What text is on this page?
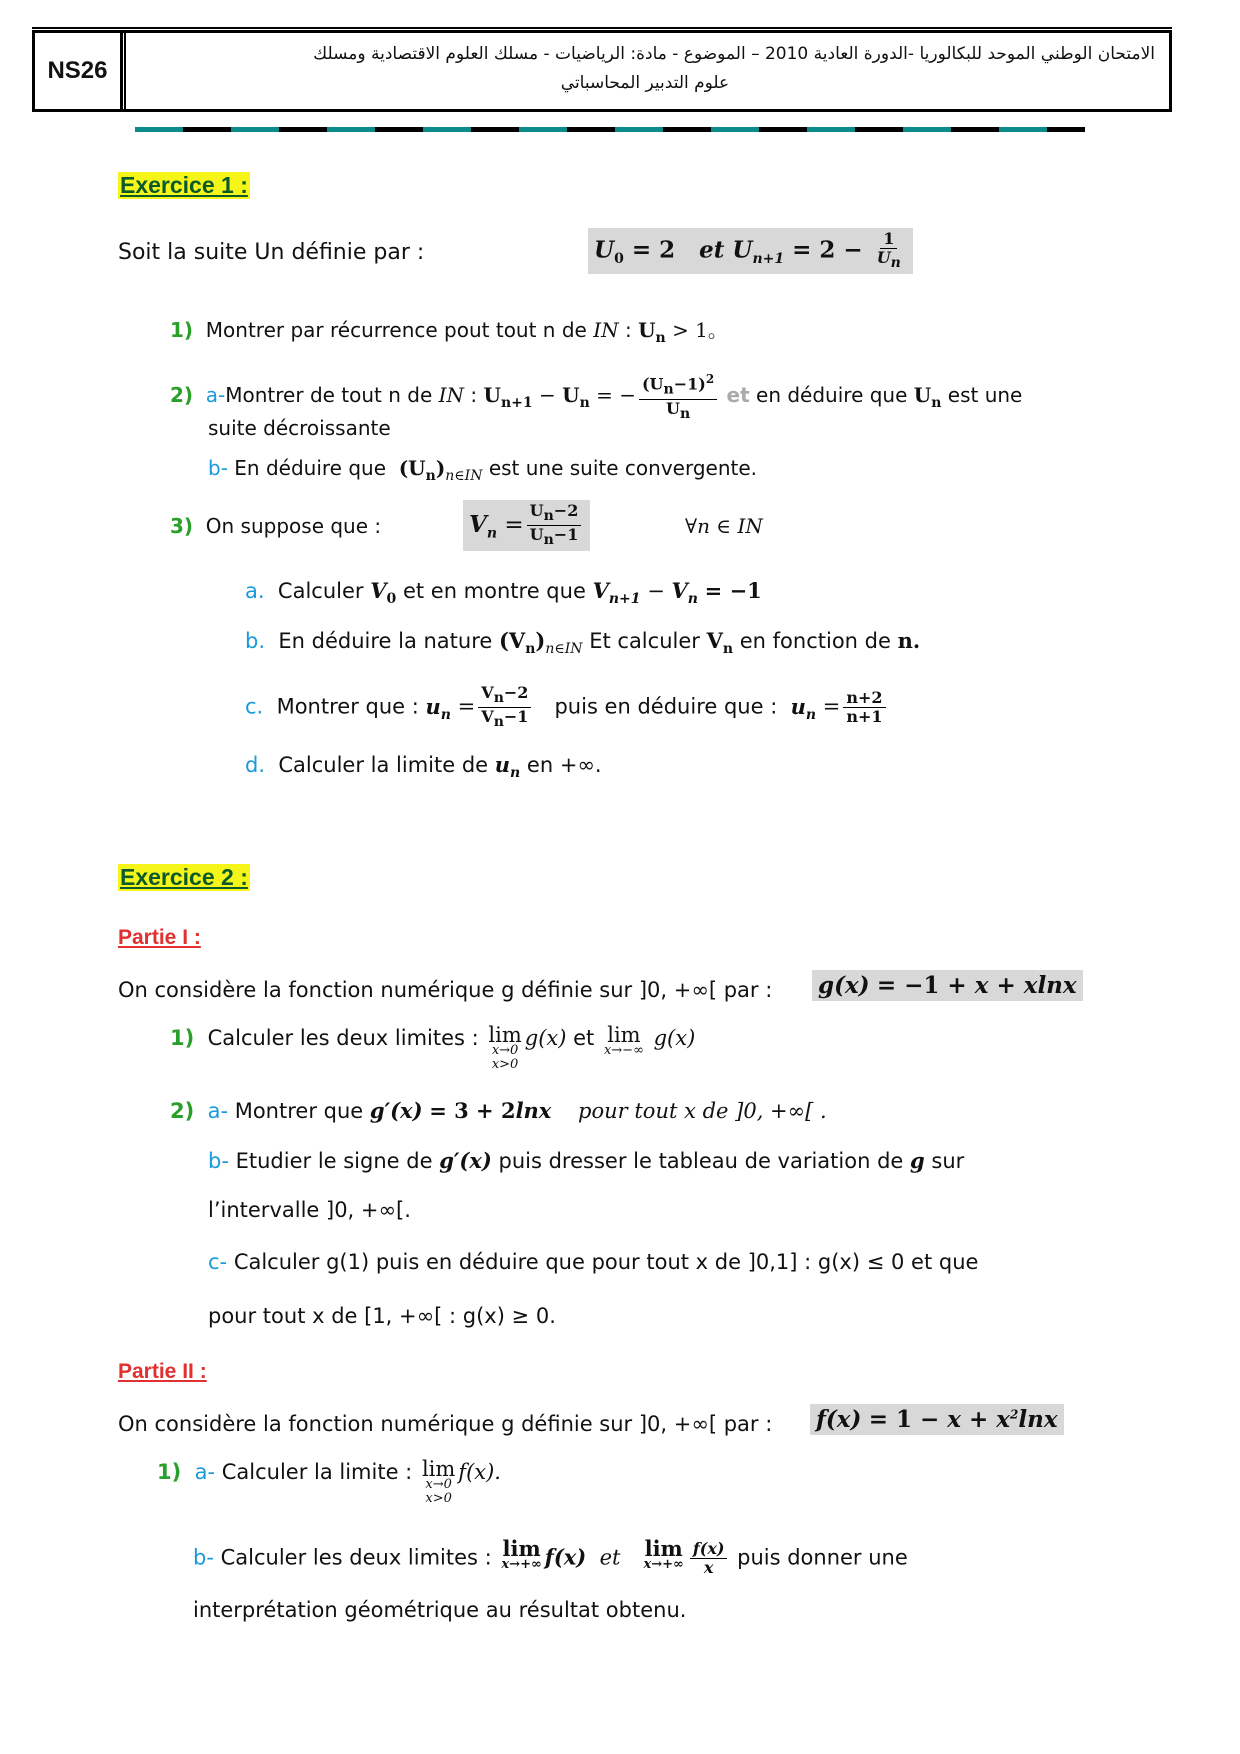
NS26
الامتحان الوطني الموحد للبكالوريا -الدورة العادية 2010 – الموضوع - مادة: الرياضيات - مسلك العلوم الاقتصادية ومسلك
علوم التدبير المحاسباتي
Exercice 1 :
Soit la suite Un définie par :	$U_0 = 2$   et $U_{n+1} = 2 - \frac{1}{U_n}$
1) Montrer par récurrence pout tout n de IN : $U_n > 1$。
2) a-Montrer de tout n de IN : $U_{n+1} - U_n$ = − $\frac{(U_n-1)^2}{U_n}$ et en déduire que $U_n$ est une
suite décroissante
b- En déduire que $(U_n)_{n\in IN}$ est une suite convergente.
3) On suppose que :	$V_n = \frac{U_n-2}{U_n-1}$	∀n ∈ IN
a. Calculer $V_0$ et en montre que $V_{n+1} - V_n = -1$
b. En déduire la nature $(V_n)_{n\in IN}$ Et calculer $V_n$ en fonction de n.
c. Montrer que : $u_n = \frac{V_n-2}{V_n-1}$ puis en déduire que : $u_n = \frac{n+2}{n+1}$
d. Calculer la limite de $u_n$ en +∞.
Exercice 2 :
Partie I :
On considère la fonction numérique g définie sur ]0, +∞[ par : g(x) = −1 + x + xlnx
1) Calculer les deux limites : lim
x→0
x>0
g(x) et lim
x→−∞
g(x)
2) a- Montrer que g′(x) = 3 + 2lnx pour tout x de ]0, +∞[ .
b- Etudier le signe de g′(x) puis dresser le tableau de variation de g sur
l’intervalle ]0, +∞[.
c- Calculer g(1) puis en déduire que pour tout x de ]0,1] : g(x) ≤ 0 et que
pour tout x de [1, +∞[ : g(x) ≥ 0.
Partie II :
On considère la fonction numérique g définie sur ]0, +∞[ par : $f(x) = 1 - x + x^2\ln x$
1) a- Calculer la limite : lim
x→0
x>0
f(x).
b- Calculer les deux limites : lim
x→+∞ f(x) et lim
$x\to+\infty \frac{f(x)}{x}$ puis donner une
interprétation géométrique au résultat obtenu.
